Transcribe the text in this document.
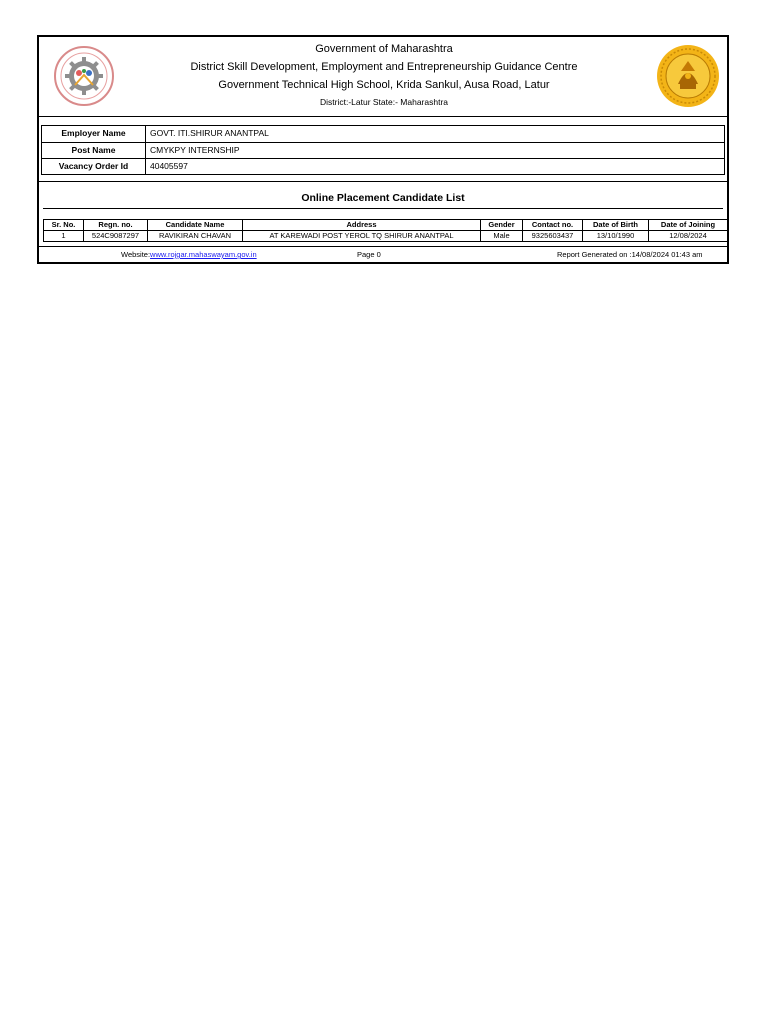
Government of Maharashtra
District Skill Development, Employment and Entrepreneurship Guidance Centre
Government Technical High School, Krida Sankul, Ausa Road, Latur
District:-Latur State:- Maharashtra
Employer Name	GOVT. ITI.SHIRUR ANANTPAL
Post Name	CMYKPY INTERNSHIP
Vacancy Order Id	40405597
Online Placement Candidate List
Sr. No.	Regn. no.	Candidate Name	Address	Gender	Contact no.	Date of Birth	Date of Joining
1	524C9087297	RAVIKIRAN CHAVAN	AT KAREWADI POST YEROL TQ SHIRUR ANANTPAL	Male	9325603437	13/10/1990	12/08/2024
Website:www.rojgar.mahaswayam.gov.in	Page 0	Report Generated on :14/08/2024 01:43 am
